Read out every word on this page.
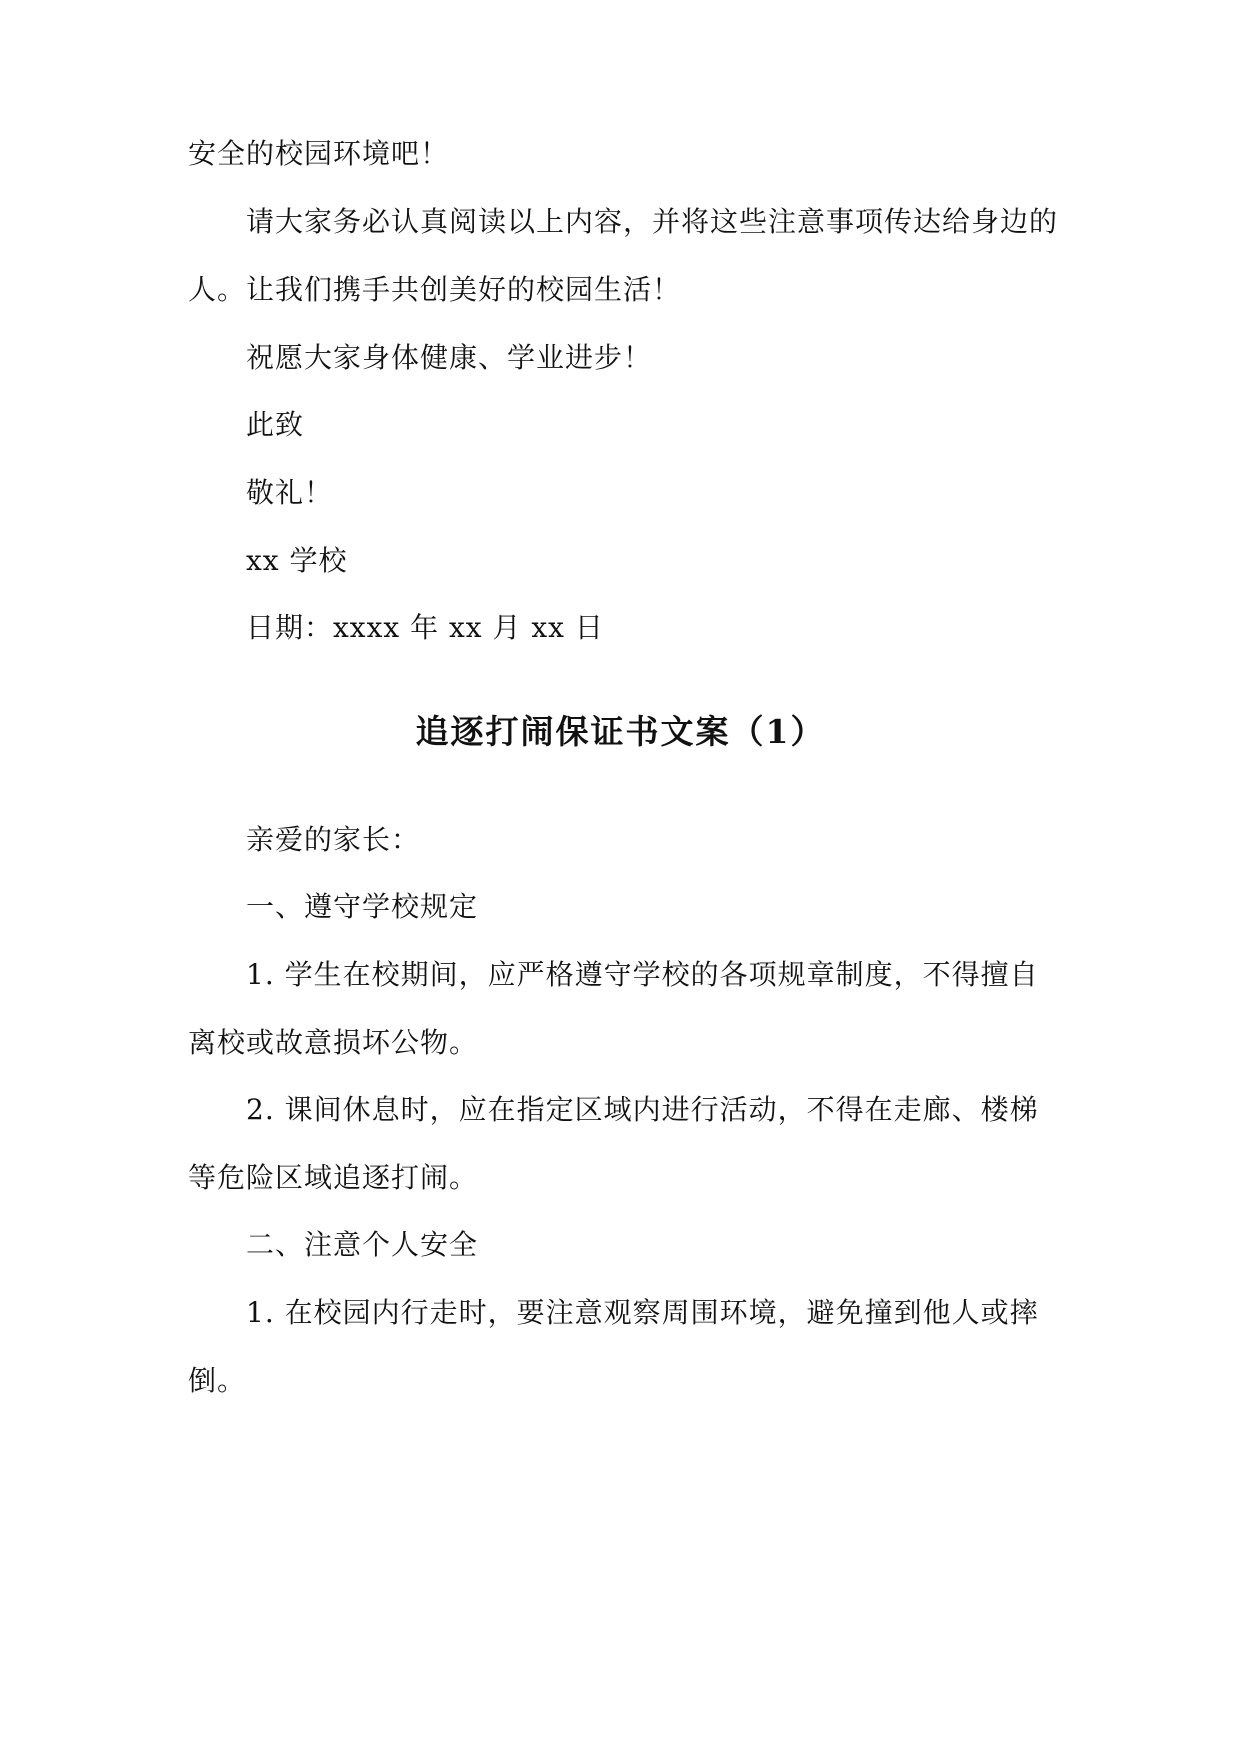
安全的校园环境吧！
请大家务必认真阅读以上内容，并将这些注意事项传达给身边的
人。让我们携手共创美好的校园生活！
祝愿大家身体健康、学业进步！
此致
敬礼！
xx 学校
日期：xxxx 年 xx 月 xx 日
追逐打闹保证书文案（1）
亲爱的家长：
一、遵守学校规定
1. 学生在校期间，应严格遵守学校的各项规章制度，不得擅自
离校或故意损坏公物。
2. 课间休息时，应在指定区域内进行活动，不得在走廊、楼梯
等危险区域追逐打闹。
二、注意个人安全
1. 在校园内行走时，要注意观察周围环境，避免撞到他人或摔
倒。
